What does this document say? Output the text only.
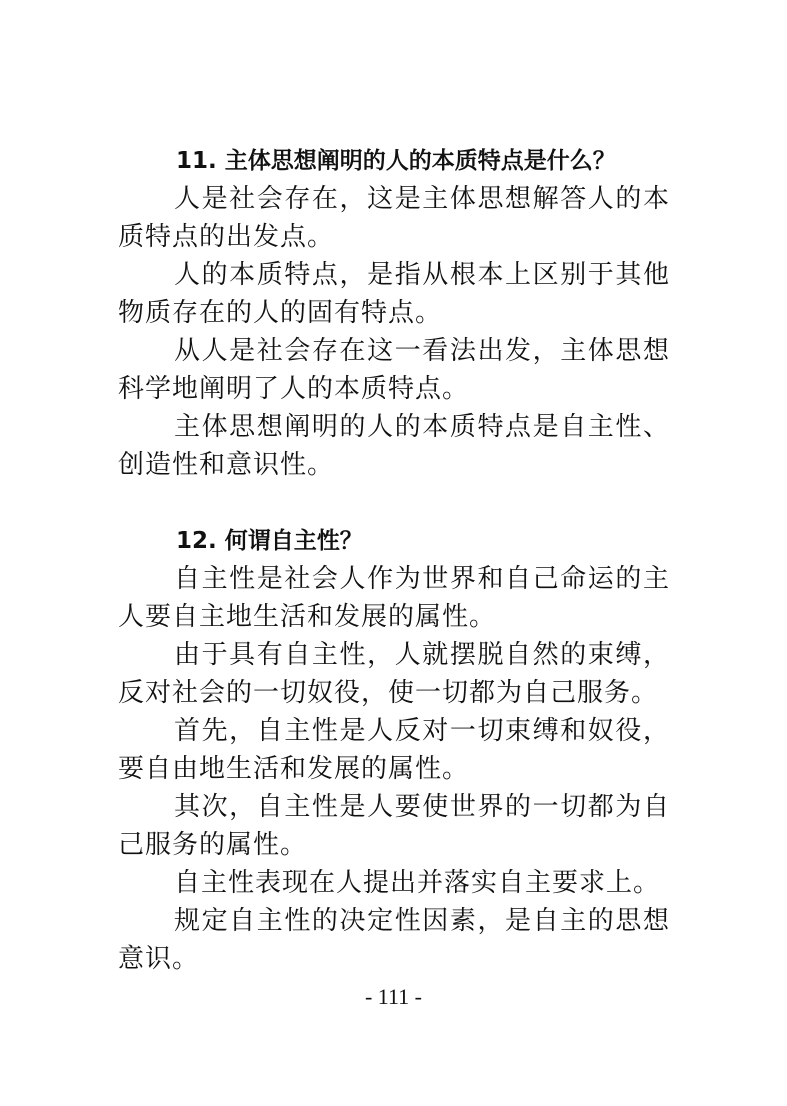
11. 主体思想阐明的人的本质特点是什么？

人是社会存在，这是主体思想解答人的本质特点的出发点。

人的本质特点，是指从根本上区别于其他物质存在的人的固有特点。

从人是社会存在这一看法出发，主体思想科学地阐明了人的本质特点。

主体思想阐明的人的本质特点是自主性、创造性和意识性。

12. 何谓自主性？

自主性是社会人作为世界和自己命运的主人要自主地生活和发展的属性。

由于具有自主性，人就摆脱自然的束缚，反对社会的一切奴役，使一切都为自己服务。

首先，自主性是人反对一切束缚和奴役，要自由地生活和发展的属性。

其次，自主性是人要使世界的一切都为自己服务的属性。

自主性表现在人提出并落实自主要求上。

规定自主性的决定性因素，是自主的思想意识。

- 111 -
